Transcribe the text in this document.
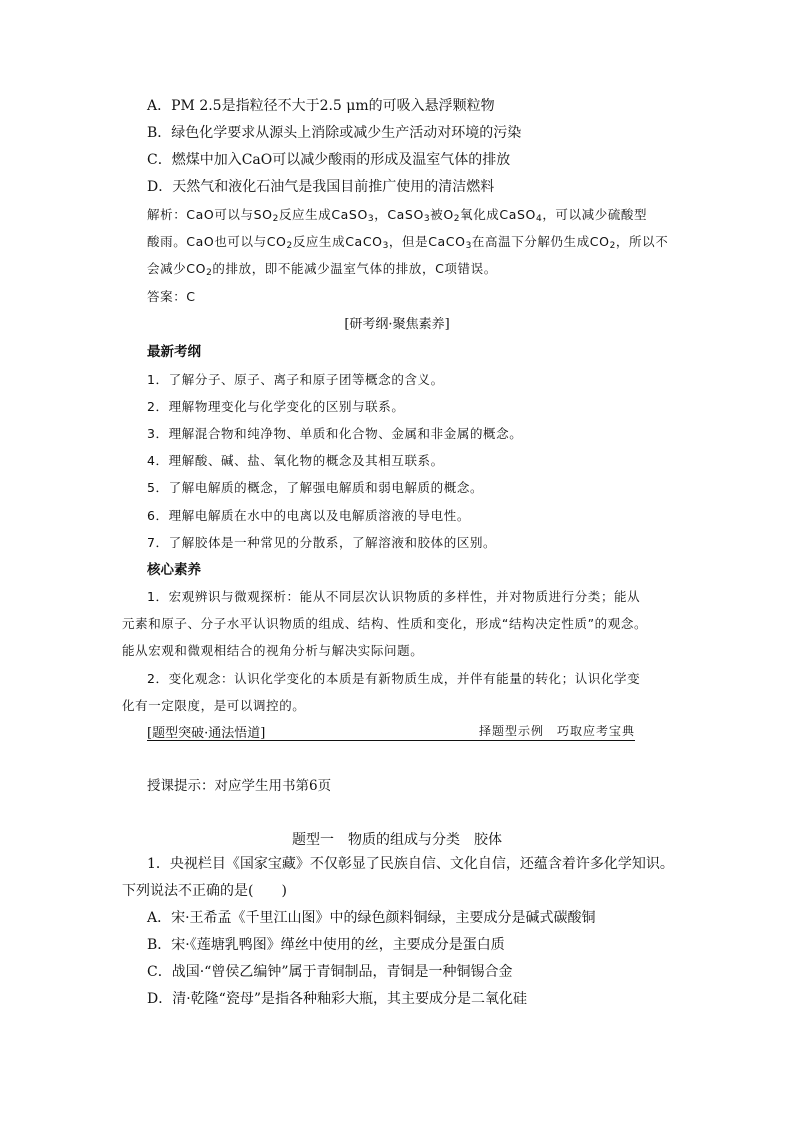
A．PM 2.5是指粒径不大于2.5 μm的可吸入悬浮颗粒物
B．绿色化学要求从源头上消除或减少生产活动对环境的污染
C．燃煤中加入CaO可以减少酸雨的形成及温室气体的排放
D．天然气和液化石油气是我国目前推广使用的清洁燃料
解析：CaO可以与$SO_2$反应生成CaSO$_3$，CaSO$_3$被$O_2$氧化成CaSO$_4$，可以减少硫酸型
酸雨。CaO也可以与$CO_2$反应生成CaCO$_3$，但是CaCO$_3$在高温下分解仍生成$CO_2$，所以不
会减少$CO_2$的排放，即不能减少温室气体的排放，C项错误。
答案：C
[研考纲·聚焦素养]
最新考纲
1．了解分子、原子、离子和原子团等概念的含义。
2．理解物理变化与化学变化的区别与联系。
3．理解混合物和纯净物、单质和化合物、金属和非金属的概念。
4．理解酸、碱、盐、氧化物的概念及其相互联系。
5．了解电解质的概念，了解强电解质和弱电解质的概念。
6．理解电解质在水中的电离以及电解质溶液的导电性。
7．了解胶体是一种常见的分散系，了解溶液和胶体的区别。
核心素养
1．宏观辨识与微观探析：能从不同层次认识物质的多样性，并对物质进行分类；能从
元素和原子、分子水平认识物质的组成、结构、性质和变化，形成“结构决定性质”的观念。
能从宏观和微观相结合的视角分析与解决实际问题。
2．变化观念：认识化学变化的本质是有新物质生成，并伴有能量的转化；认识化学变
化有一定限度，是可以调控的。
[题型突破·通法悟道]	择题型示例　巧取应考宝典
授课提示：对应学生用书第6页
题型一　物质的组成与分类　胶体
1．央视栏目《国家宝藏》不仅彰显了民族自信、文化自信，还蕴含着许多化学知识。
下列说法不正确的是(　　)
A．宋·王希孟《千里江山图》中的绿色颜料铜绿，主要成分是碱式碳酸铜
B．宋·《莲塘乳鸭图》缂丝中使用的丝，主要成分是蛋白质
C．战国·“曾侯乙编钟”属于青铜制品，青铜是一种铜锡合金
D．清·乾隆“瓷母”是指各种釉彩大瓶，其主要成分是二氧化硅
